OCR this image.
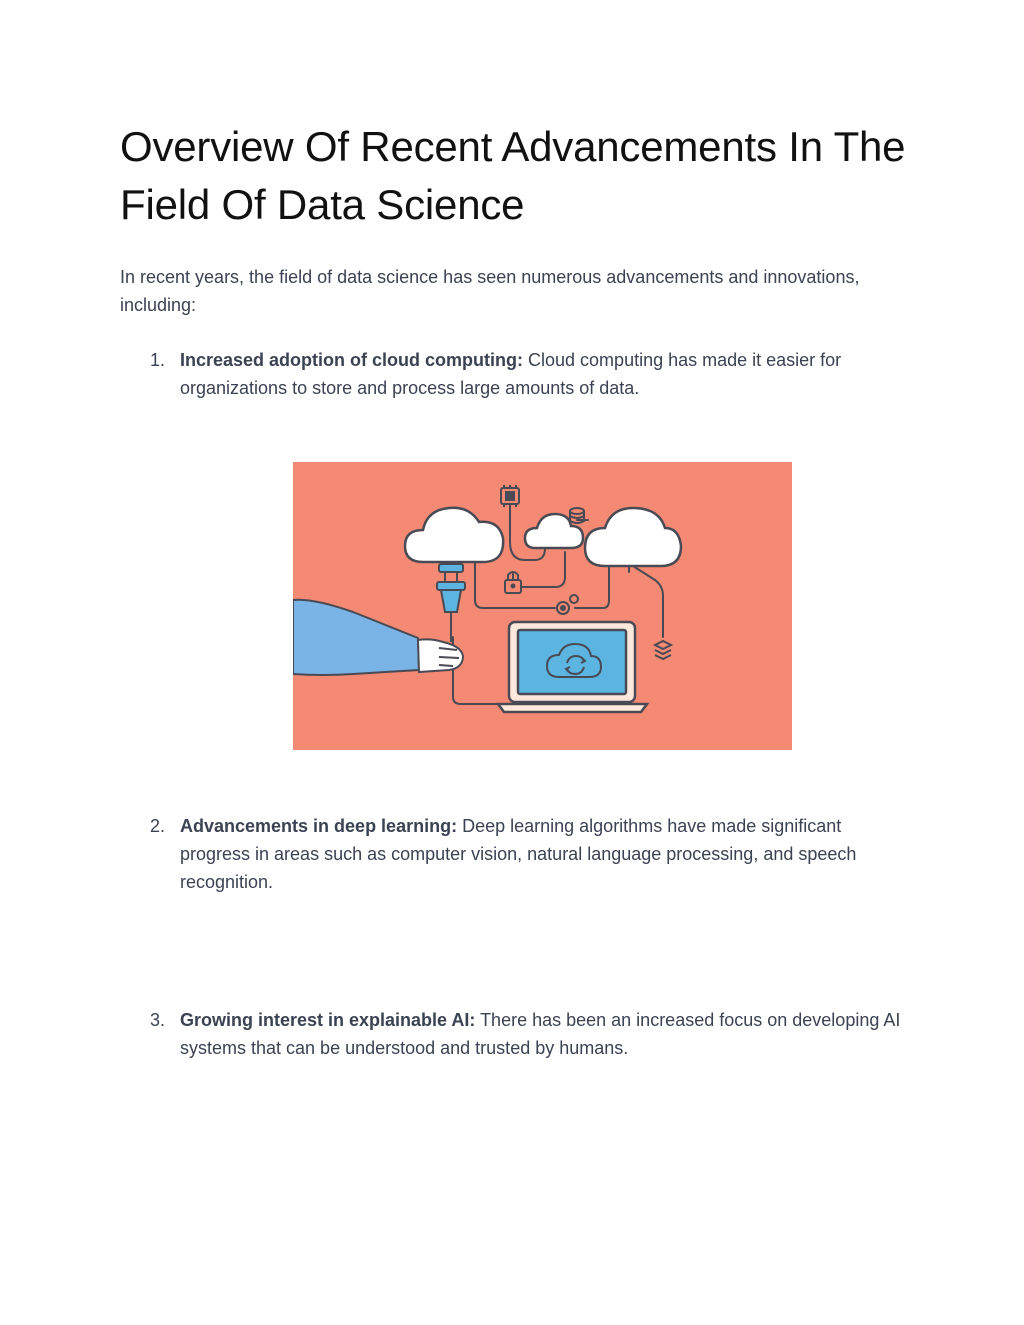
Overview Of Recent Advancements In The Field Of Data Science

In recent years, the field of data science has seen numerous advancements and innovations, including:

1. Increased adoption of cloud computing: Cloud computing has made it easier for organizations to store and process large amounts of data.

2. Advancements in deep learning: Deep learning algorithms have made significant progress in areas such as computer vision, natural language processing, and speech recognition.

3. Growing interest in explainable AI: There has been an increased focus on developing AI systems that can be understood and trusted by humans.
